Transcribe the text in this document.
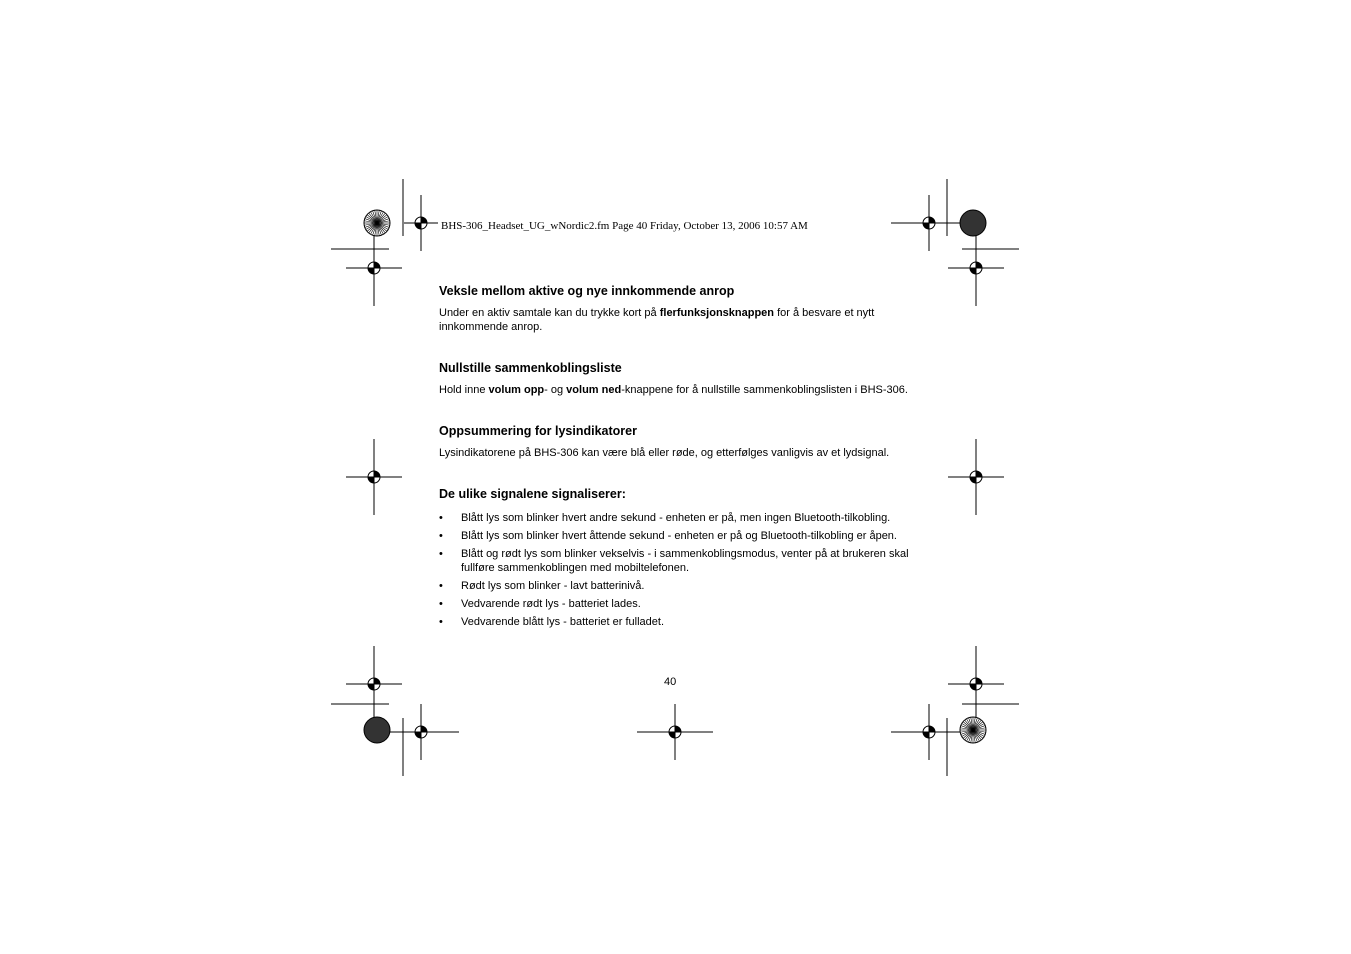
BHS-306_Headset_UG_wNordic2.fm Page 40 Friday, October 13, 2006 10:57 AM
Veksle mellom aktive og nye innkommende anrop

Under en aktiv samtale kan du trykke kort på flerfunksjonsknappen for å besvare et nytt innkommende anrop.

Nullstille sammenkoblingsliste

Hold inne volum opp- og volum ned-knappene for å nullstille sammenkoblingslisten i BHS-306.

Oppsummering for lysindikatorer

Lysindikatorene på BHS-306 kan være blå eller røde, og etterfølges vanligvis av et lydsignal.

De ulike signalene signaliserer:
• Blått lys som blinker hvert andre sekund - enheten er på, men ingen Bluetooth-tilkobling.
• Blått lys som blinker hvert åttende sekund - enheten er på og Bluetooth-tilkobling er åpen.
• Blått og rødt lys som blinker vekselvis - i sammenkoblingsmodus, venter på at brukeren skal fullføre sammenkoblingen med mobiltelefonen.
• Rødt lys som blinker - lavt batterinivå.
• Vedvarende rødt lys - batteriet lades.
• Vedvarende blått lys - batteriet er fulladet.
40
